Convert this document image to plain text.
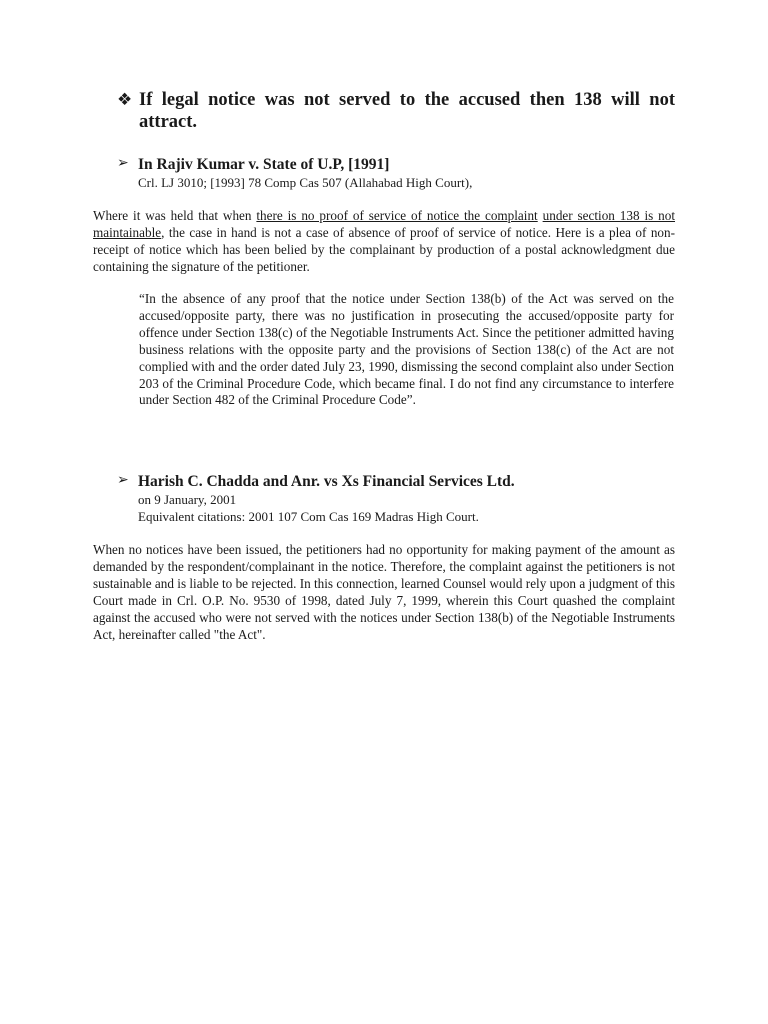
❖ If legal notice was not served to the accused then 138 will not attract.
➢ In Rajiv Kumar v. State of U.P, [1991]
Crl. LJ 3010; [1993] 78 Comp Cas 507 (Allahabad High Court),

Where it was held that when there is no proof of service of notice the complaint under section 138 is not maintainable, the case in hand is not a case of absence of proof of service of notice. Here is a plea of non-receipt of notice which has been belied by the complainant by production of a postal acknowledgment due containing the signature of the petitioner.

“In the absence of any proof that the notice under Section 138(b) of the Act was served on the accused/opposite party, there was no justification in prosecuting the accused/opposite party for offence under Section 138(c) of the Negotiable Instruments Act. Since the petitioner admitted having business relations with the opposite party and the provisions of Section 138(c) of the Act are not complied with and the order dated July 23, 1990, dismissing the second complaint also under Section 203 of the Criminal Procedure Code, which became final. I do not find any circumstance to interfere under Section 482 of the Criminal Procedure Code”.

➢ Harish C. Chadda and Anr. vs Xs Financial Services Ltd.
on 9 January, 2001
Equivalent citations: 2001 107 Com Cas 169 Madras High Court.

When no notices have been issued, the petitioners had no opportunity for making payment of the amount as demanded by the respondent/complainant in the notice. Therefore, the complaint against the petitioners is not sustainable and is liable to be rejected. In this connection, learned Counsel would rely upon a judgment of this Court made in Crl. O.P. No. 9530 of 1998, dated July 7, 1999, wherein this Court quashed the complaint against the accused who were not served with the notices under Section 138(b) of the Negotiable Instruments Act, hereinafter called "the Act".
